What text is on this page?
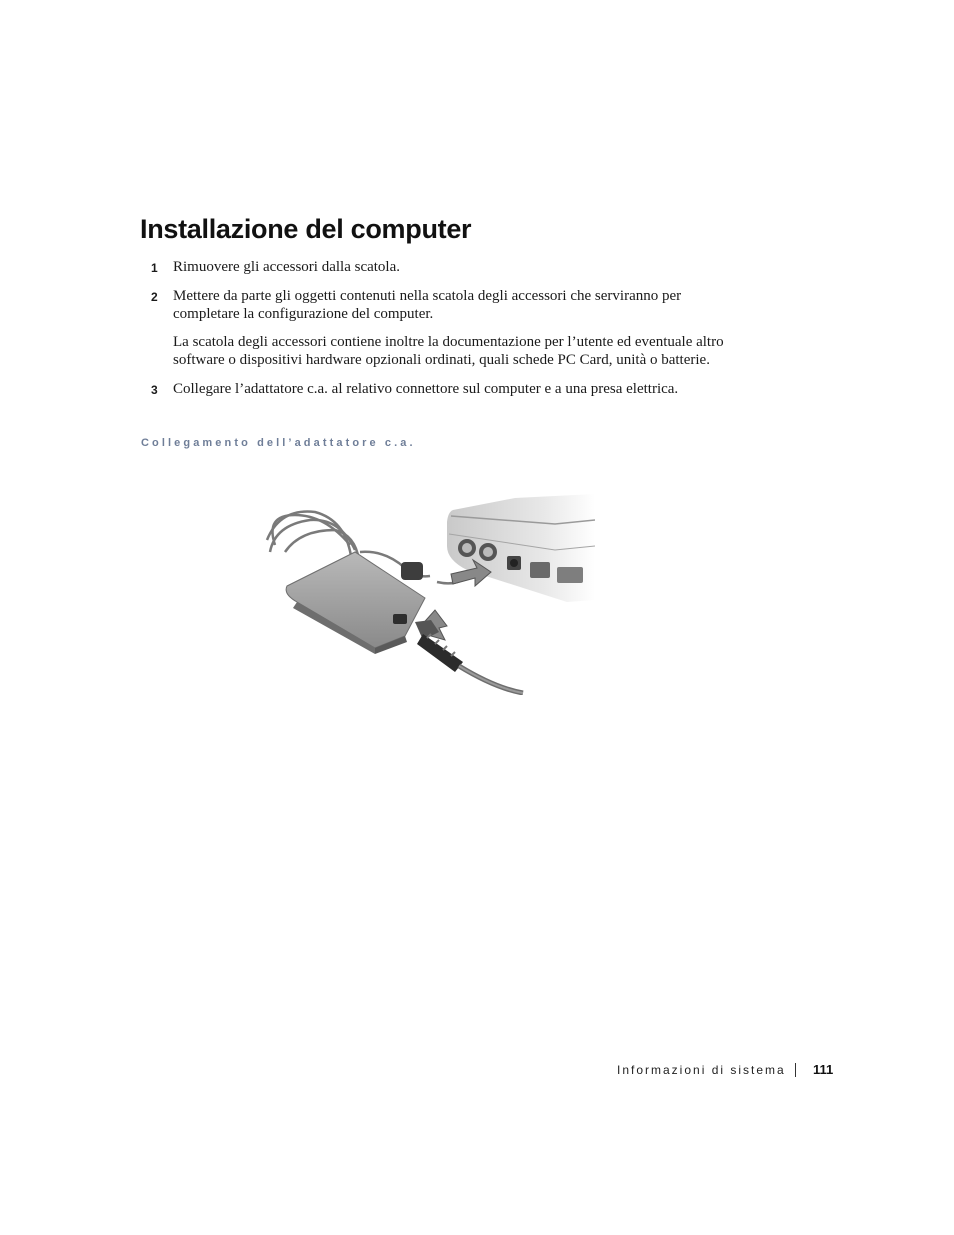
Installazione del computer
1 Rimuovere gli accessori dalla scatola.
2 Mettere da parte gli oggetti contenuti nella scatola degli accessori che serviranno per completare la configurazione del computer.
La scatola degli accessori contiene inoltre la documentazione per l’utente ed eventuale altro software o dispositivi hardware opzionali ordinati, quali schede PC Card, unità o batterie.
3 Collegare l’adattatore c.a. al relativo connettore sul computer e a una presa elettrica.
Collegamento dell’adattatore c.a.
Informazioni di sistema 111
